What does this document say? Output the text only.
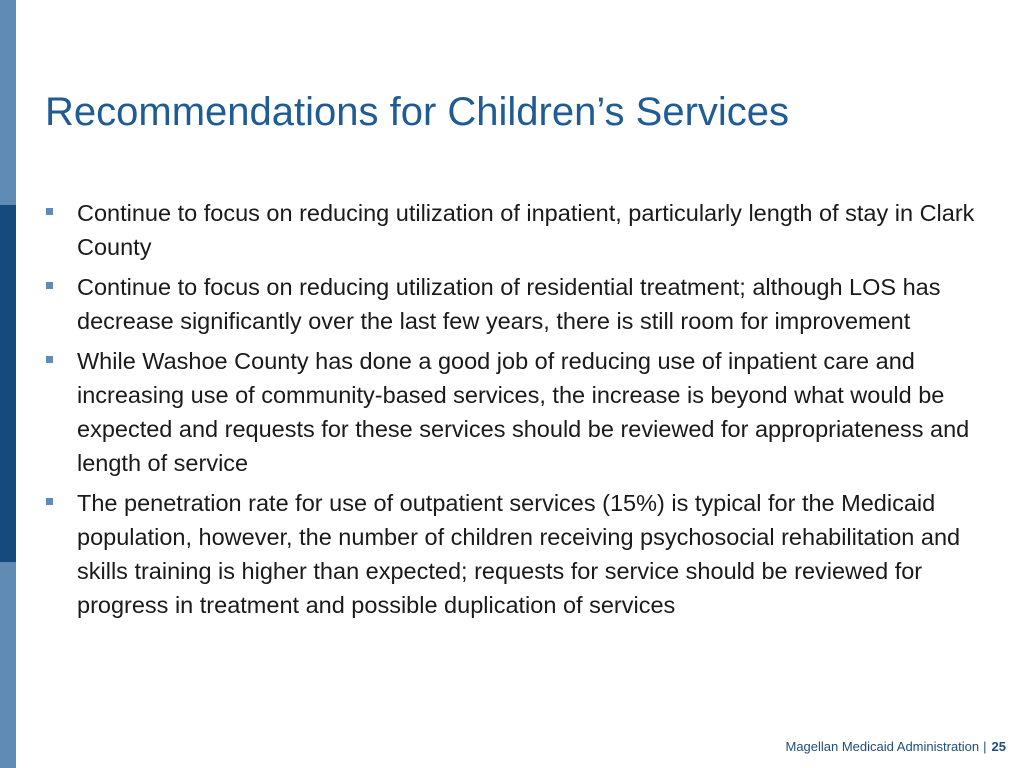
Recommendations for Children’s Services
Continue to focus on reducing utilization of inpatient, particularly length of stay in Clark County
Continue to focus on reducing utilization of residential treatment; although LOS has decrease significantly over the last few years, there is still room for improvement
While Washoe County has done a good job of reducing use of inpatient care and increasing use of community-based services, the increase is beyond what would be expected and requests for these services should be reviewed for appropriateness and length of service
The penetration rate for use of outpatient services (15%) is typical for the Medicaid population, however, the number of children receiving psychosocial rehabilitation and skills training is higher than expected; requests for service should be reviewed for progress in treatment and possible duplication of services
Magellan Medicaid Administration | 25
